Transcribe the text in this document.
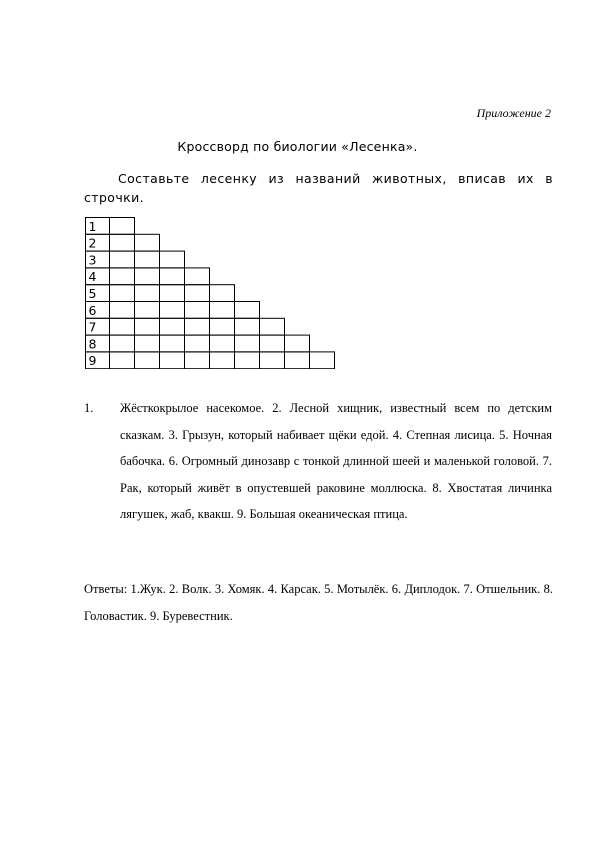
Приложение 2
Кроссворд по биологии «Лесенка».
Составьте лесенку из названий животных, вписав их в строчки.
1
2
3
4
5
6
7
8
9
1. Жёсткокрылое насекомое. 2. Лесной хищник, известный всем по детским сказкам. 3. Грызун, который набивает щёки едой. 4. Степная лисица. 5. Ночная бабочка. 6. Огромный динозавр с тонкой длинной шеей и маленькой головой. 7. Рак, который живёт в опустевшей раковине моллюска. 8. Хвостатая личинка лягушек, жаб, квакш. 9. Большая океаническая птица.
Ответы: 1.Жук. 2. Волк. 3. Хомяк. 4. Карсак. 5. Мотылёк. 6. Диплодок. 7. Отшельник. 8. Головастик. 9. Буревестник.
